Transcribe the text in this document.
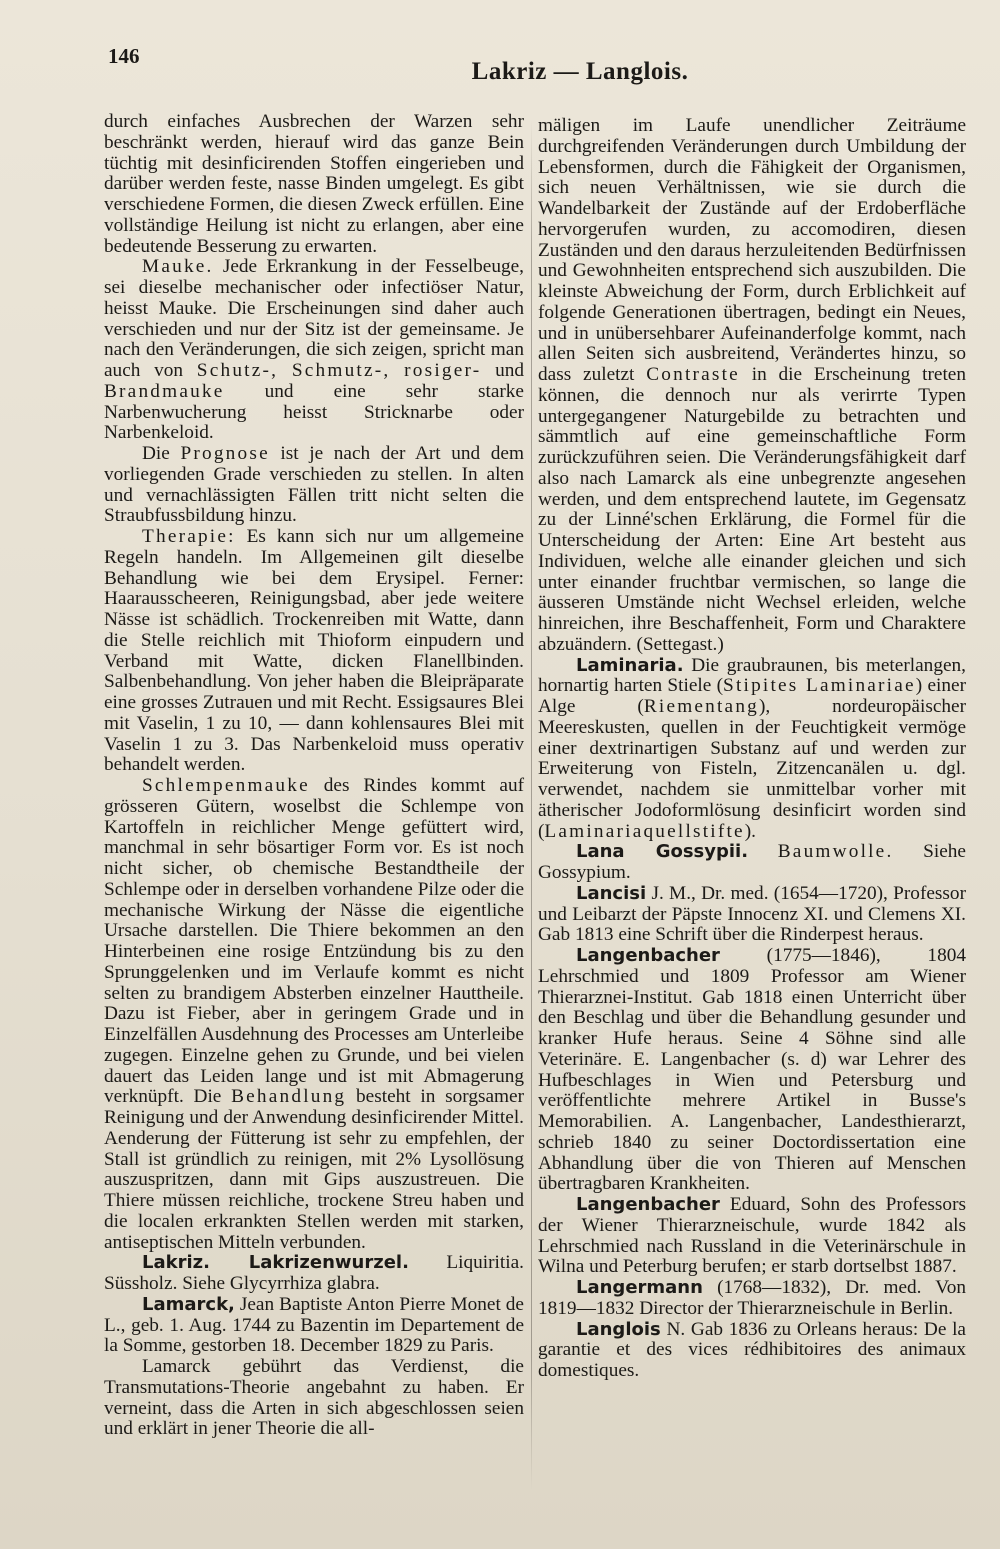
146
Lakriz — Langlois.

durch einfaches Ausbrechen der Warzen sehr beschränkt werden, hierauf wird das ganze Bein tüchtig mit desinficirenden Stoffen eingerieben und darüber werden feste, nasse Binden umgelegt. Es gibt verschiedene Formen, die diesen Zweck erfüllen. Eine vollständige Heilung ist nicht zu erlangen, aber eine bedeutende Besserung zu erwarten.

Mauke. Jede Erkrankung in der Fesselbeuge, sei dieselbe mechanischer oder infectiöser Natur, heisst Mauke. Die Erscheinungen sind daher auch verschieden und nur der Sitz ist der gemeinsame. Je nach den Veränderungen, die sich zeigen, spricht man auch von Schutz-, Schmutz-, rosiger- und Brandmauke und eine sehr starke Narbenwucherung heisst Stricknarbe oder Narbenkeloid.

Die Prognose ist je nach der Art und dem vorliegenden Grade verschieden zu stellen. In alten und vernachlässigten Fällen tritt nicht selten die Straubfussbildung hinzu.

Therapie: Es kann sich nur um allgemeine Regeln handeln. Im Allgemeinen gilt dieselbe Behandlung wie bei dem Erysipel. Ferner: Haarausscheeren, Reinigungsbad, aber jede weitere Nässe ist schädlich. Trockenreiben mit Watte, dann die Stelle reichlich mit Thioform einpudern und Verband mit Watte, dicken Flanellbinden. Salbenbehandlung. Von jeher haben die Bleipräparate eine grosses Zutrauen und mit Recht. Essigsaures Blei mit Vaselin, 1 zu 10, — dann kohlensaures Blei mit Vaselin 1 zu 3. Das Narbenkeloid muss operativ behandelt werden.

Schlempenmauke des Rindes kommt auf grösseren Gütern, woselbst die Schlempe von Kartoffeln in reichlicher Menge gefüttert wird, manchmal in sehr bösartiger Form vor. Es ist noch nicht sicher, ob chemische Bestandtheile der Schlempe oder in derselben vorhandene Pilze oder die mechanische Wirkung der Nässe die eigentliche Ursache darstellen. Die Thiere bekommen an den Hinterbeinen eine rosige Entzündung bis zu den Sprunggelenken und im Verlaufe kommt es nicht selten zu brandigem Absterben einzelner Hauttheile. Dazu ist Fieber, aber in geringem Grade und in Einzelfällen Ausdehnung des Processes am Unterleibe zugegen. Einzelne gehen zu Grunde, und bei vielen dauert das Leiden lange und ist mit Abmagerung verknüpft. Die Behandlung besteht in sorgsamer Reinigung und der Anwendung desinficirender Mittel. Aenderung der Fütterung ist sehr zu empfehlen, der Stall ist gründlich zu reinigen, mit 2% Lysollösung auszuspritzen, dann mit Gips auszustreuen. Die Thiere müssen reichliche, trockene Streu haben und die localen erkrankten Stellen werden mit starken, antiseptischen Mitteln verbunden.

Lakriz. Lakrizenwurzel. Liquiritia. Süssholz. Siehe Glycyrrhiza glabra.

Lamarck, Jean Baptiste Anton Pierre Monet de L., geb. 1. Aug. 1744 zu Bazentin im Departement de la Somme, gestorben 18. December 1829 zu Paris.

Lamarck gebührt das Verdienst, die Transmutations-Theorie angebahnt zu haben. Er verneint, dass die Arten in sich abgeschlossen seien und erklärt in jener Theorie die all-

mäligen im Laufe unendlicher Zeiträume durchgreifenden Veränderungen durch Umbildung der Lebensformen, durch die Fähigkeit der Organismen, sich neuen Verhältnissen, wie sie durch die Wandelbarkeit der Zustände auf der Erdoberfläche hervorgerufen wurden, zu accomodiren, diesen Zuständen und den daraus herzuleitenden Bedürfnissen und Gewohnheiten entsprechend sich auszubilden. Die kleinste Abweichung der Form, durch Erblichkeit auf folgende Generationen übertragen, bedingt ein Neues, und in unübersehbarer Aufeinanderfolge kommt, nach allen Seiten sich ausbreitend, Verändertes hinzu, so dass zuletzt Contraste in die Erscheinung treten können, die dennoch nur als verirrte Typen untergegangener Naturgebilde zu betrachten und sämmtlich auf eine gemeinschaftliche Form zurückzuführen seien. Die Veränderungsfähigkeit darf also nach Lamarck als eine unbegrenzte angesehen werden, und dem entsprechend lautete, im Gegensatz zu der Linné'schen Erklärung, die Formel für die Unterscheidung der Arten: Eine Art besteht aus Individuen, welche alle einander gleichen und sich unter einander fruchtbar vermischen, so lange die äusseren Umstände nicht Wechsel erleiden, welche hinreichen, ihre Beschaffenheit, Form und Charaktere abzuändern. (Settegast.)

Laminaria. Die graubraunen, bis meterlangen, hornartig harten Stiele (Stipites Laminariae) einer Alge (Riementang), nordeuropäischer Meereskusten, quellen in der Feuchtigkeit vermöge einer dextrinartigen Substanz auf und werden zur Erweiterung von Fisteln, Zitzencanälen u. dgl. verwendet, nachdem sie unmittelbar vorher mit ätherischer Jodoformlösung desinficirt worden sind (Laminariaquellstifte).

Lana Gossypii. Baumwolle. Siehe Gossypium.

Lancisi J. M., Dr. med. (1654—1720), Professor und Leibarzt der Päpste Innocenz XI. und Clemens XI. Gab 1813 eine Schrift über die Rinderpest heraus.

Langenbacher (1775—1846), 1804 Lehrschmied und 1809 Professor am Wiener Thierarznei-Institut. Gab 1818 einen Unterricht über den Beschlag und über die Behandlung gesunder und kranker Hufe heraus. Seine 4 Söhne sind alle Veterinäre. E. Langenbacher (s. d) war Lehrer des Hufbeschlages in Wien und Petersburg und veröffentlichte mehrere Artikel in Busse's Memorabilien. A. Langenbacher, Landesthierarzt, schrieb 1840 zu seiner Doctordissertation eine Abhandlung über die von Thieren auf Menschen übertragbaren Krankheiten.

Langenbacher Eduard, Sohn des Professors der Wiener Thierarzneischule, wurde 1842 als Lehrschmied nach Russland in die Veterinärschule in Wilna und Peterburg berufen; er starb dortselbst 1887.

Langermann (1768—1832), Dr. med. Von 1819—1832 Director der Thierarzneischule in Berlin.

Langlois N. Gab 1836 zu Orleans heraus: De la garantie et des vices rédhibitoires des animaux domestiques.
